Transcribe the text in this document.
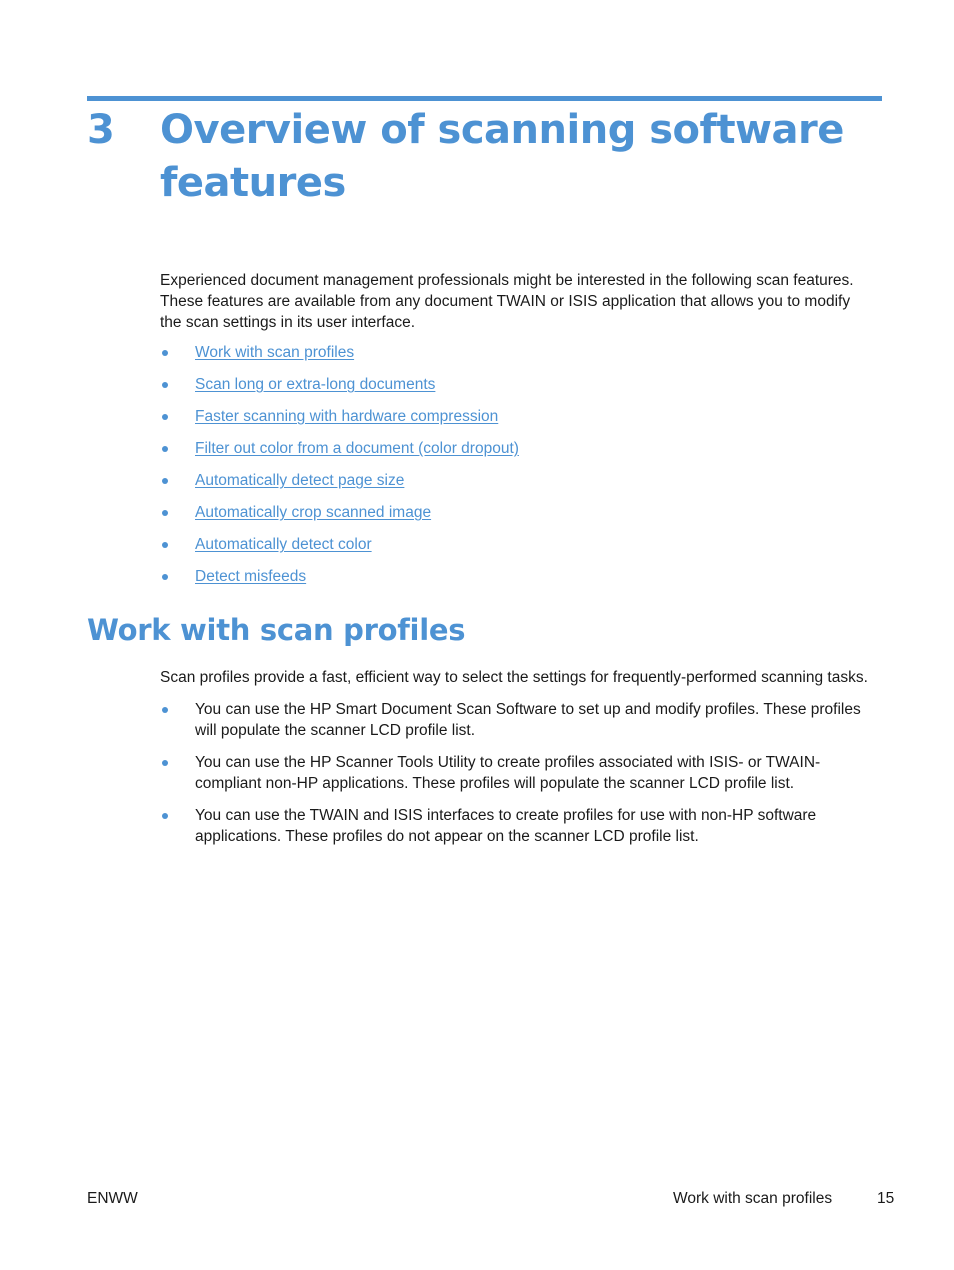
3 Overview of scanning software features

Experienced document management professionals might be interested in the following scan features. These features are available from any document TWAIN or ISIS application that allows you to modify the scan settings in its user interface.

Work with scan profiles
Scan long or extra-long documents
Faster scanning with hardware compression
Filter out color from a document (color dropout)
Automatically detect page size
Automatically crop scanned image
Automatically detect color
Detect misfeeds
Work with scan profiles

Scan profiles provide a fast, efficient way to select the settings for frequently-performed scanning tasks.

You can use the HP Smart Document Scan Software to set up and modify profiles. These profiles will populate the scanner LCD profile list.
You can use the HP Scanner Tools Utility to create profiles associated with ISIS- or TWAIN-compliant non-HP applications. These profiles will populate the scanner LCD profile list.
You can use the TWAIN and ISIS interfaces to create profiles for use with non-HP software applications. These profiles do not appear on the scanner LCD profile list.
ENWW	Work with scan profiles	15
